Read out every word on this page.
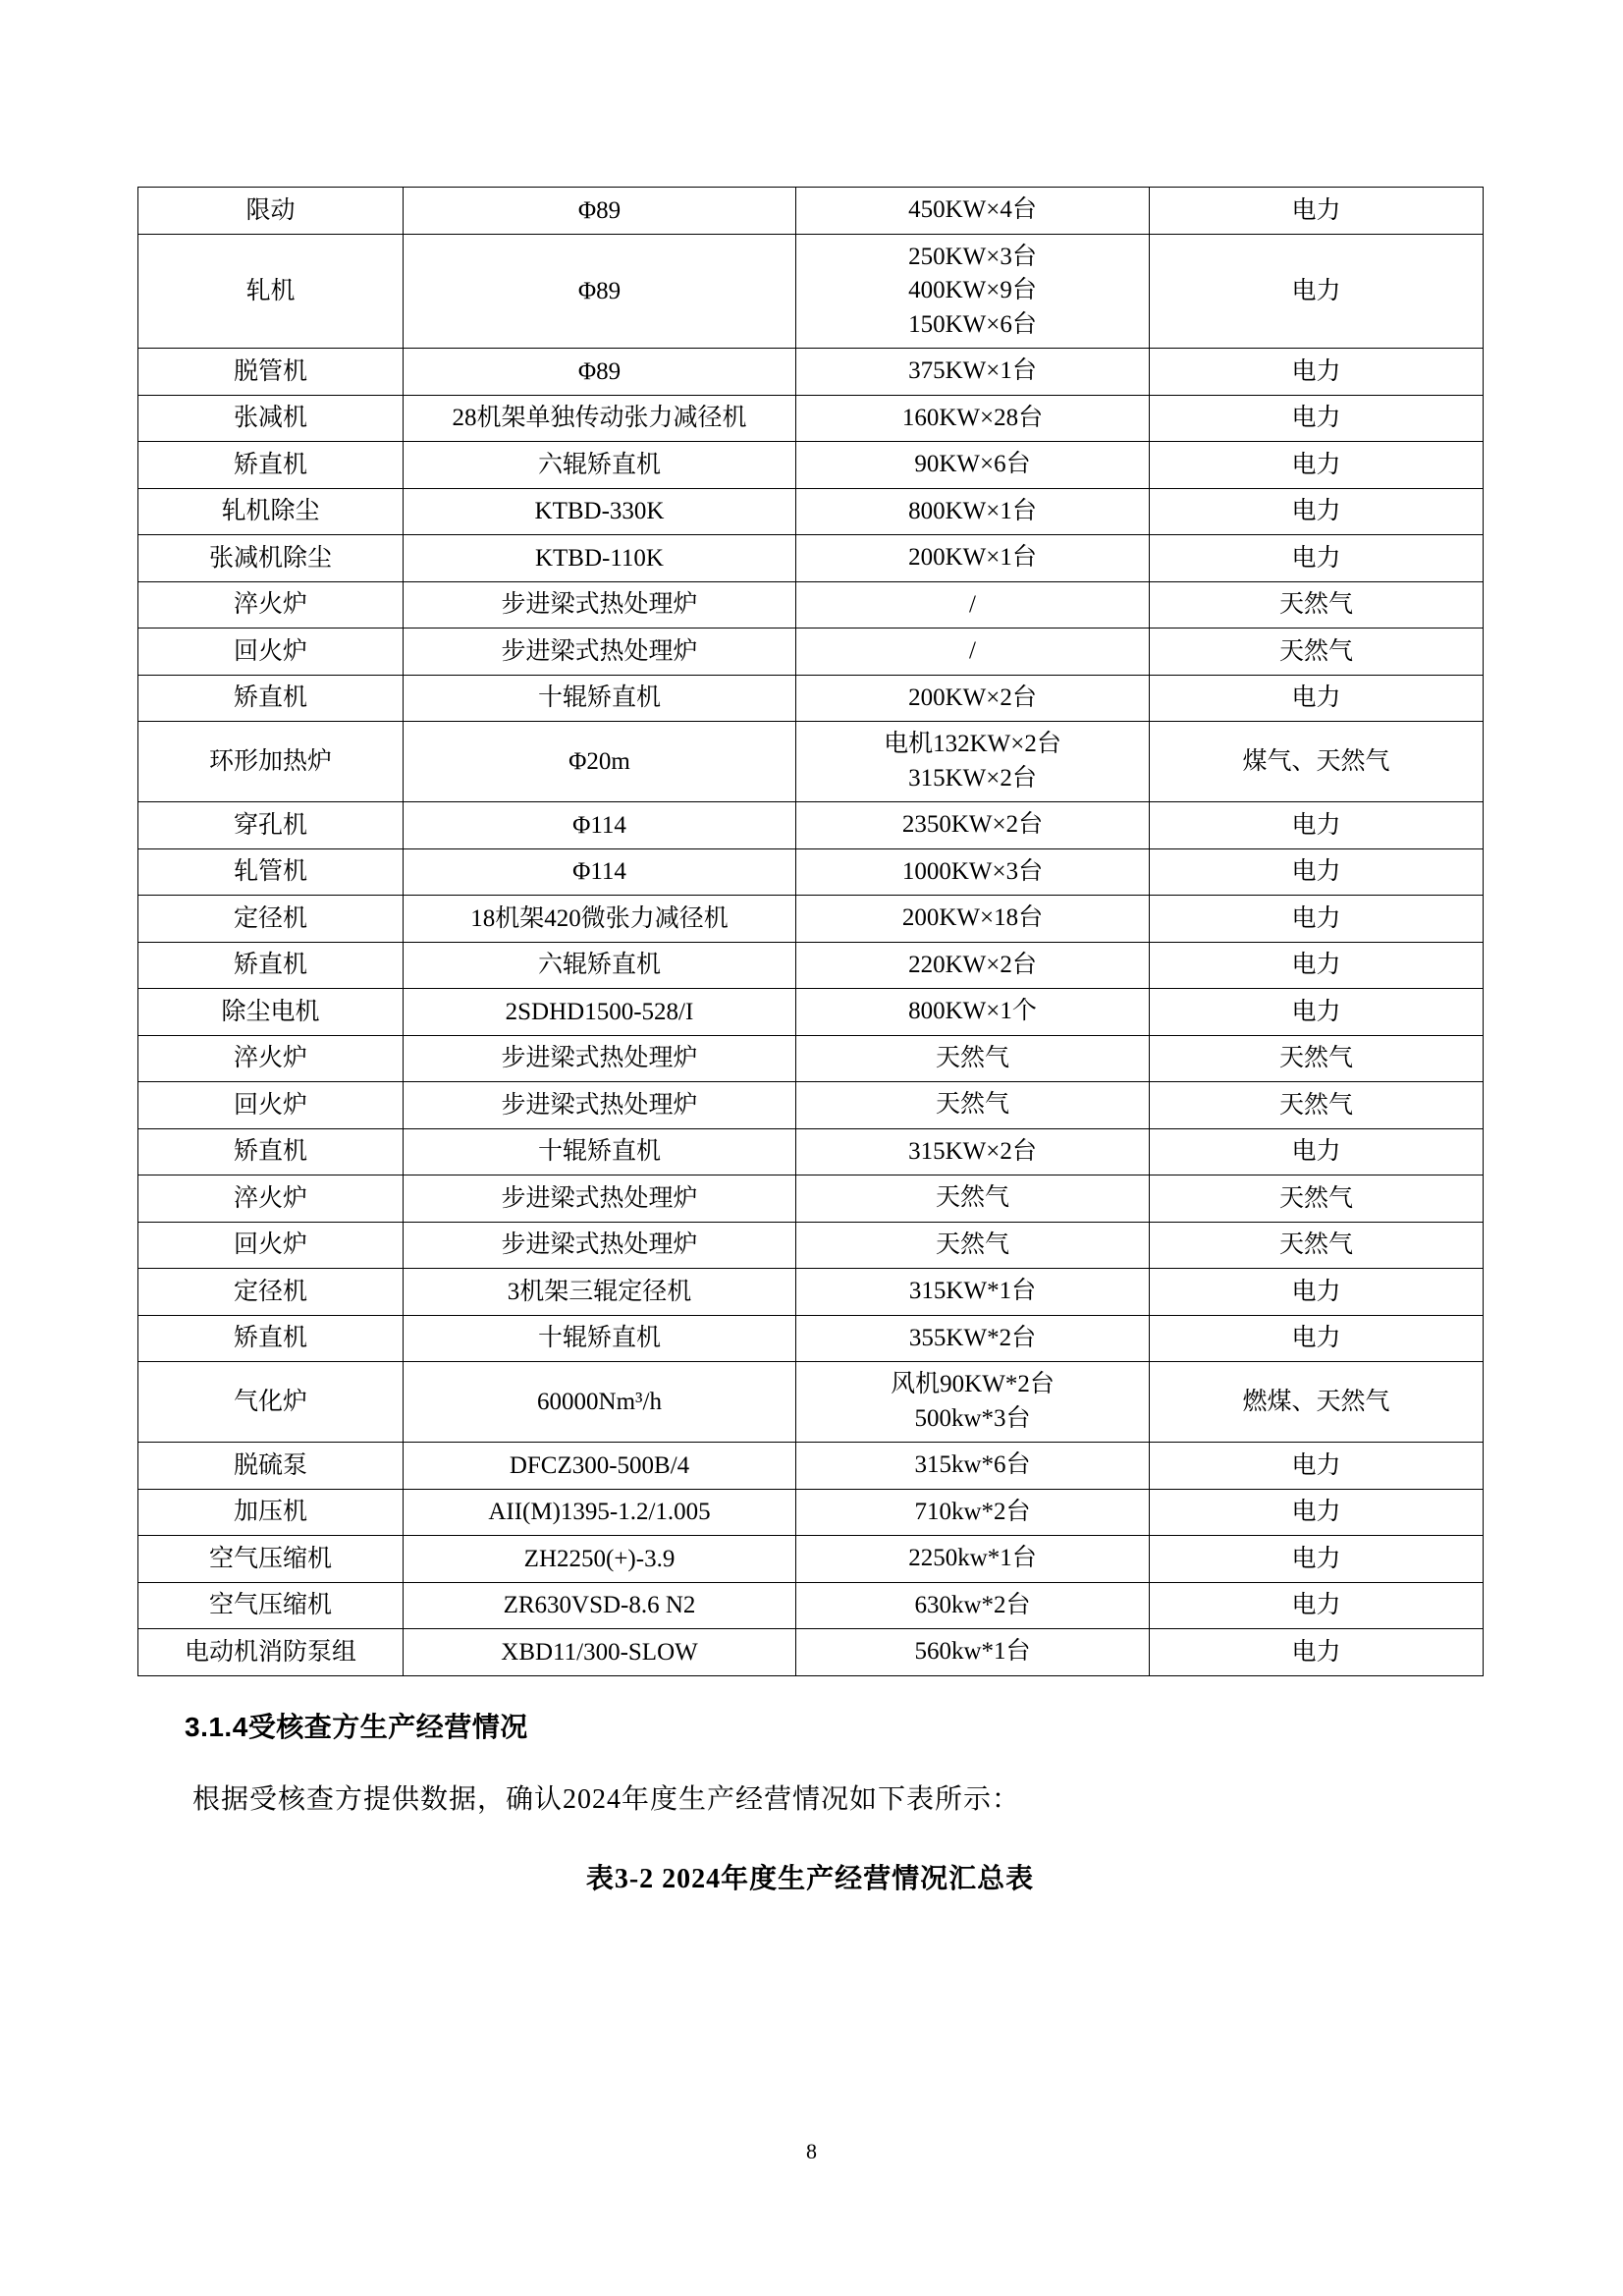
限动	Φ89	450KW×4台	电力
轧机	Φ89	250KW×3台
400KW×9台
150KW×6台	电力
脱管机	Φ89	375KW×1台	电力
张减机	28机架单独传动张力减径机	160KW×28台	电力
矫直机	六辊矫直机	90KW×6台	电力
轧机除尘	KTBD-330K	800KW×1台	电力
张减机除尘	KTBD-110K	200KW×1台	电力
淬火炉	步进梁式热处理炉	/	天然气
回火炉	步进梁式热处理炉	/	天然气
矫直机	十辊矫直机	200KW×2台	电力
环形加热炉	Φ20m	电机132KW×2台
315KW×2台	煤气、天然气
穿孔机	Φ114	2350KW×2台	电力
轧管机	Φ114	1000KW×3台	电力
定径机	18机架420微张力减径机	200KW×18台	电力
矫直机	六辊矫直机	220KW×2台	电力
除尘电机	2SDHD1500-528/I	800KW×1个	电力
淬火炉	步进梁式热处理炉	天然气	天然气
回火炉	步进梁式热处理炉	天然气	天然气
矫直机	十辊矫直机	315KW×2台	电力
淬火炉	步进梁式热处理炉	天然气	天然气
回火炉	步进梁式热处理炉	天然气	天然气
定径机	3机架三辊定径机	315KW*1台	电力
矫直机	十辊矫直机	355KW*2台	电力
气化炉	60000Nm³/h	风机90KW*2台
500kw*3台	燃煤、天然气
脱硫泵	DFCZ300-500B/4	315kw*6台	电力
加压机	AII(M)1395-1.2/1.005	710kw*2台	电力
空气压缩机	ZH2250(+)-3.9	2250kw*1台	电力
空气压缩机	ZR630VSD-8.6 N2	630kw*2台	电力
电动机消防泵组	XBD11/300-SLOW	560kw*1台	电力
3.1.4受核查方生产经营情况
根据受核查方提供数据，确认2024年度生产经营情况如下表所示：
表3-2 2024年度生产经营情况汇总表
8
